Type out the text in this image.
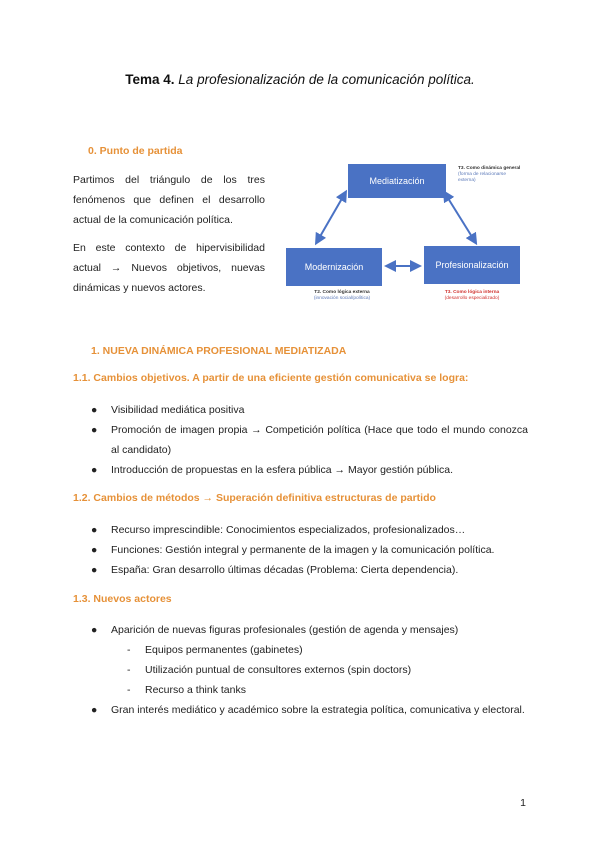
Tema 4. La profesionalización de la comunicación política.
0. Punto de partida
Partimos del triángulo de los tres fenómenos que definen el desarrollo actual de la comunicación política.
En este contexto de hipervisibilidad actual → Nuevos objetivos, nuevas dinámicas y nuevos actores.
Mediatización
Modernización	Profesionalización
T3. Como dinámica general
(forma de relacionarse externa)
T2. Como lógica externa
(innovación social/política)
T3. Como lógica interna
(desarrollo especializado)
1. NUEVA DINÁMICA PROFESIONAL MEDIATIZADA
1.1. Cambios objetivos. A partir de una eficiente gestión comunicativa se logra:
● Visibilidad mediática positiva
● Promoción de imagen propia → Competición política (Hace que todo el mundo conozca al candidato)
● Introducción de propuestas en la esfera pública → Mayor gestión pública.
1.2. Cambios de métodos → Superación definitiva estructuras de partido
● Recurso imprescindible: Conocimientos especializados, profesionalizados…
● Funciones: Gestión integral y permanente de la imagen y la comunicación política.
● España: Gran desarrollo últimas décadas (Problema: Cierta dependencia).
1.3. Nuevos actores
● Aparición de nuevas figuras profesionales (gestión de agenda y mensajes)
- Equipos permanentes (gabinetes)
- Utilización puntual de consultores externos (spin doctors)
- Recurso a think tanks
● Gran interés mediático y académico sobre la estrategia política, comunicativa y electoral.
1
